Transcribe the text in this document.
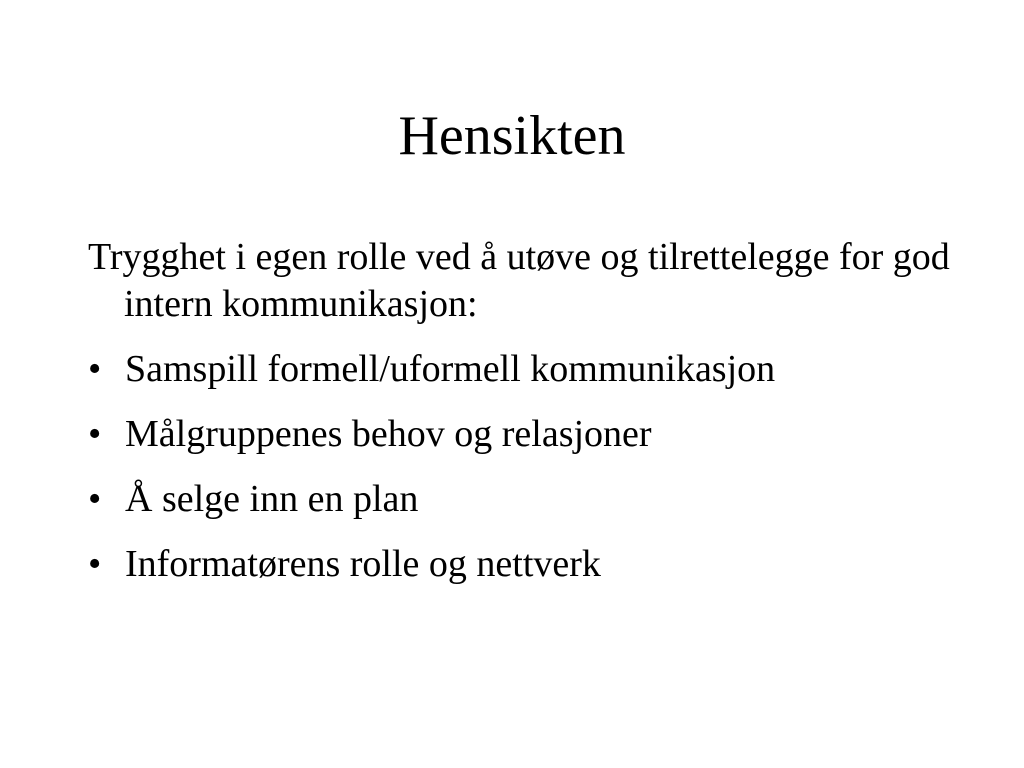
Hensikten

Trygghet i egen rolle ved å utøve og tilrettelegge for god intern kommunikasjon:

• Samspill formell/uformell kommunikasjon
• Målgruppenes behov og relasjoner
• Å selge inn en plan
• Informatørens rolle og nettverk
